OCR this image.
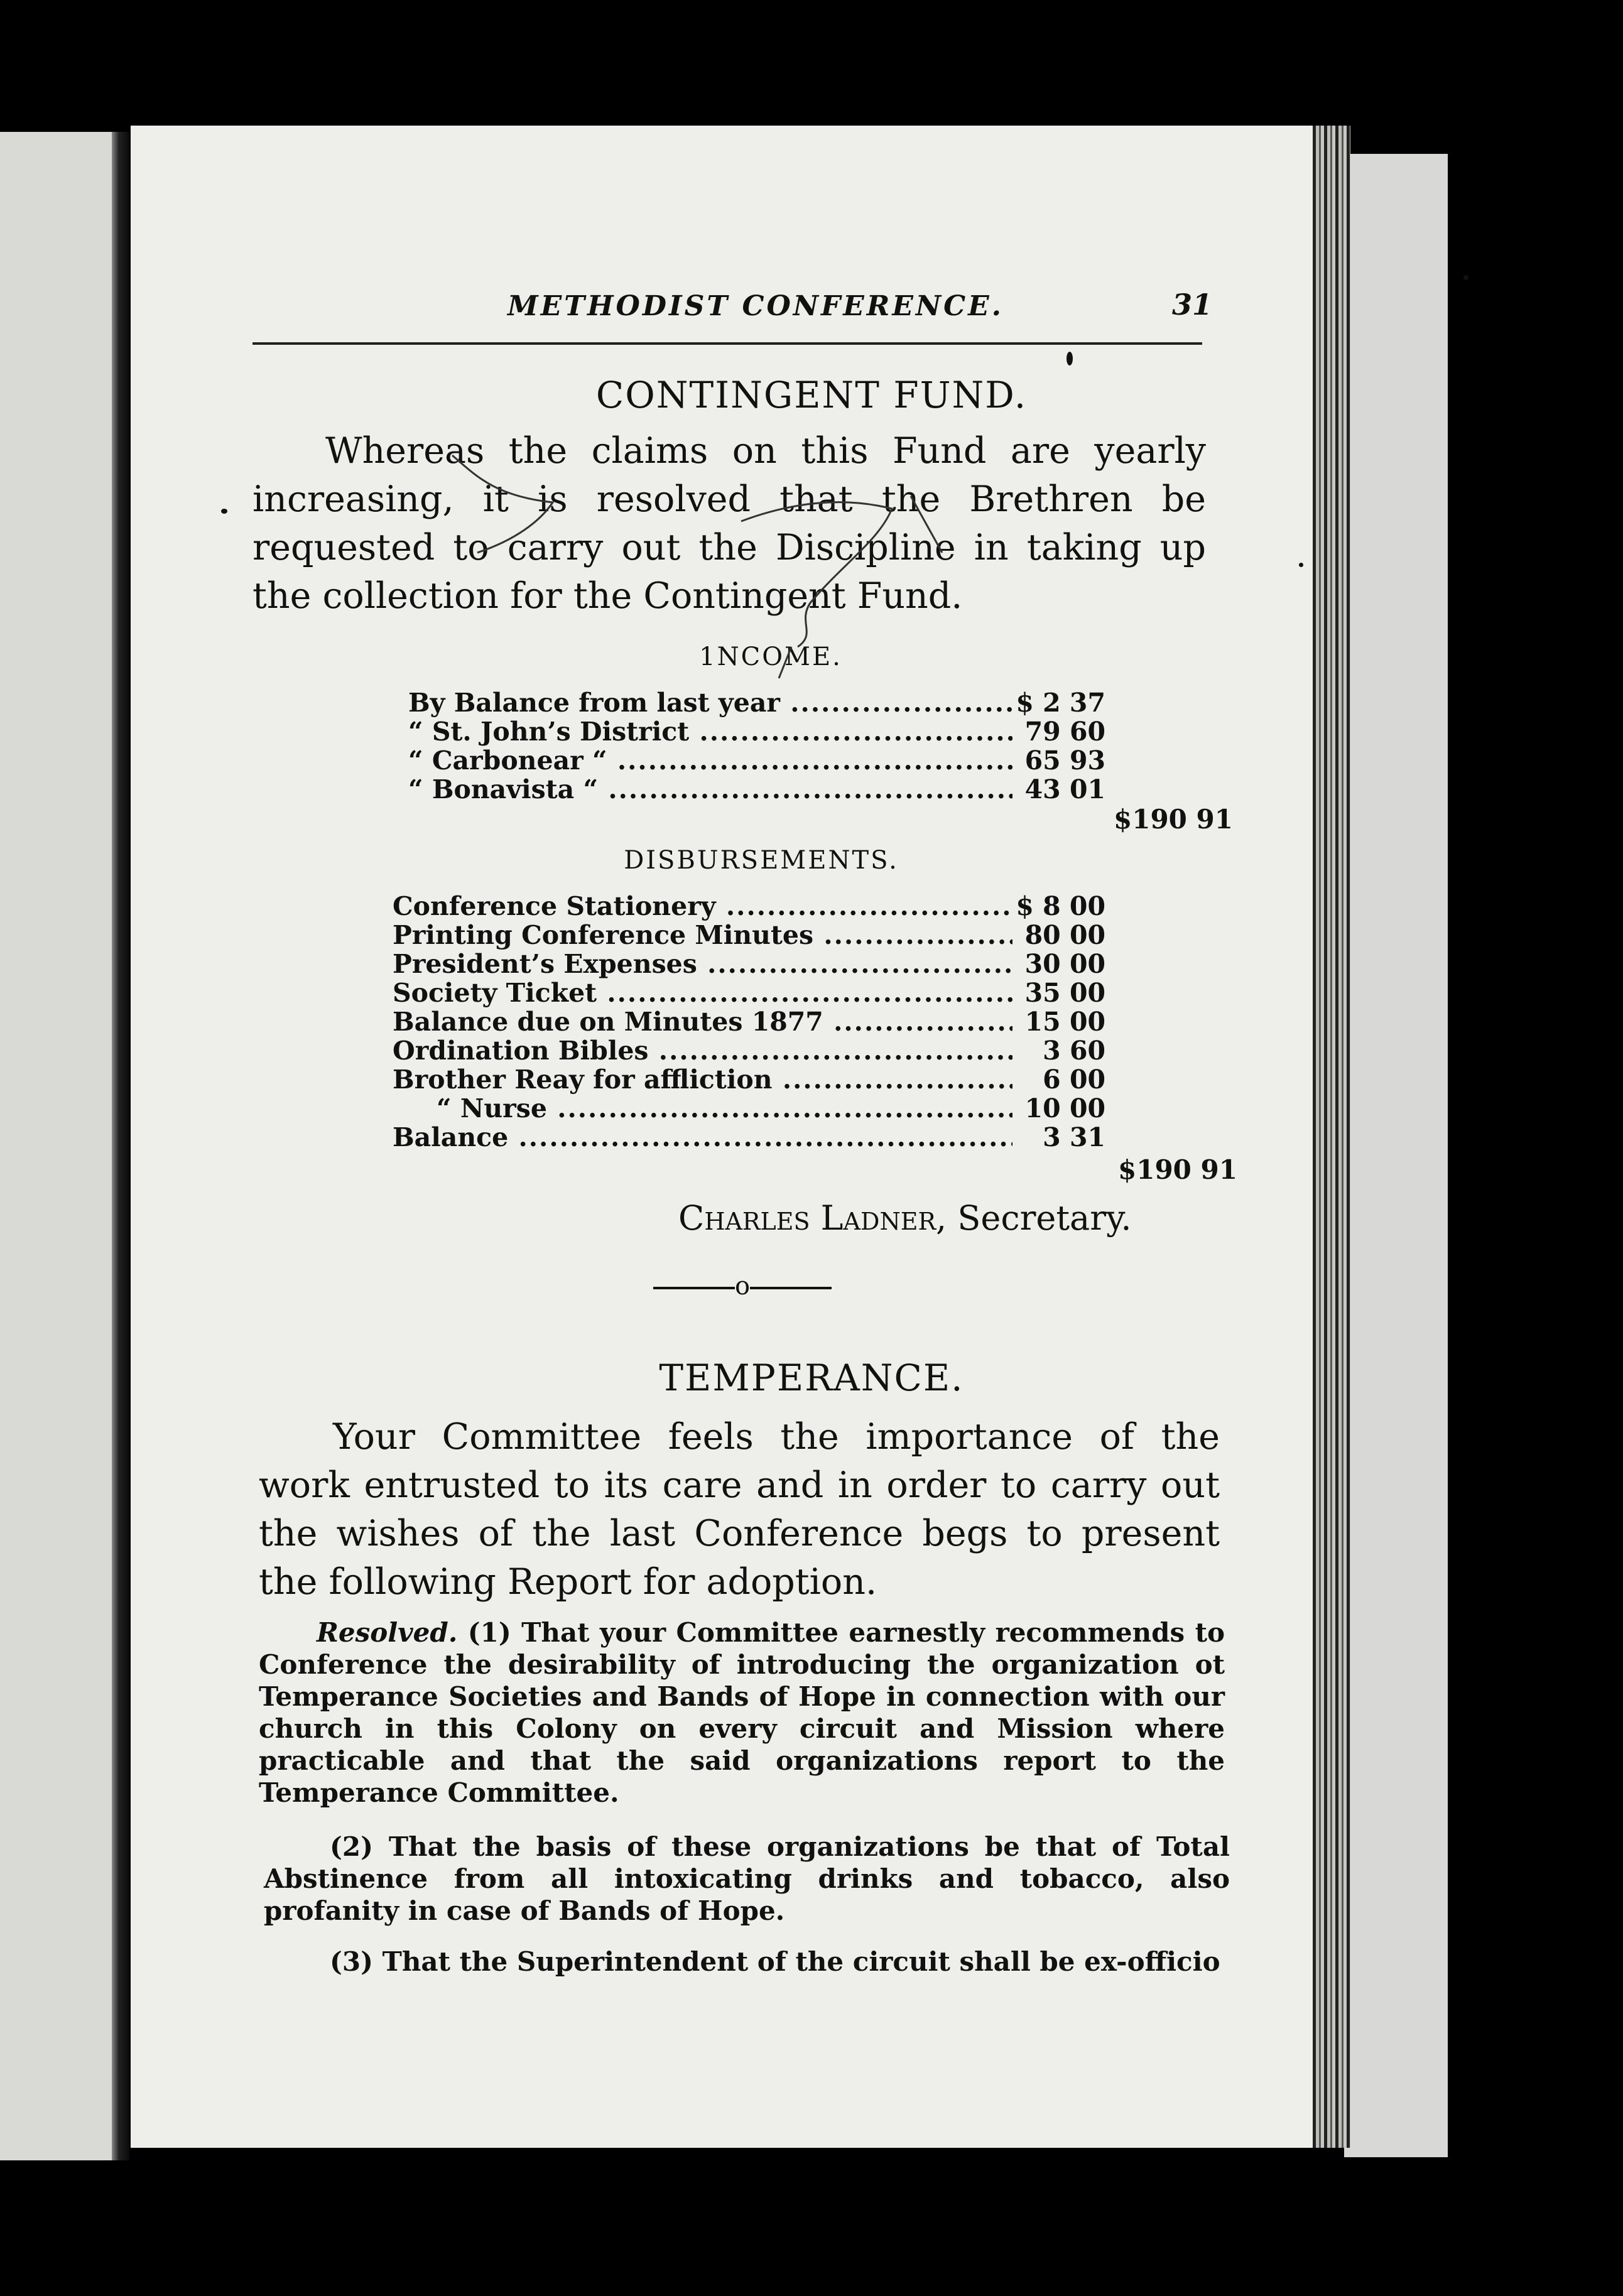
METHODIST CONFERENCE.	31
CONTINGENT FUND.
Whereas the claims on this Fund are yearly increasing, it is resolved that the Brethren be requested to carry out the Discipline in taking up the collection for the Contingent Fund.
1NCOME.
By Balance from last year .....	$ 2 37
“ St. John’s District .....	79 60
“ Carbonear “ .....	65 93
“ Bonavista “ .....	43 01
$190 91
DISBURSEMENTS.
Conference Stationery .....	$ 8 00
Printing Conference Minutes .....	80 00
President’s Expenses .....	30 00
Society Ticket .....	35 00
Balance due on Minutes 1877 .....	15 00
Ordination Bibles .....	3 60
Brother Reay for affliction .....	6 00
“ Nurse .....	10 00
Balance .....	3 31
$190 91
Charles Ladner, Secretary.
o
TEMPERANCE.
Your Committee feels the importance of the work entrusted to its care and in order to carry out the wishes of the last Conference begs to present the following Report for adoption.
Resolved. (1) That your Committee earnestly recommends to Conference the desirability of introducing the organization ot Temperance Societies and Bands of Hope in connection with our church in this Colony on every circuit and Mission where practicable and that the said organizations report to the Temperance Committee.
(2) That the basis of these organizations be that of Total Abstinence from all intoxicating drinks and tobacco, also profanity in case of Bands of Hope.
(3) That the Superintendent of the circuit shall be ex-officio
